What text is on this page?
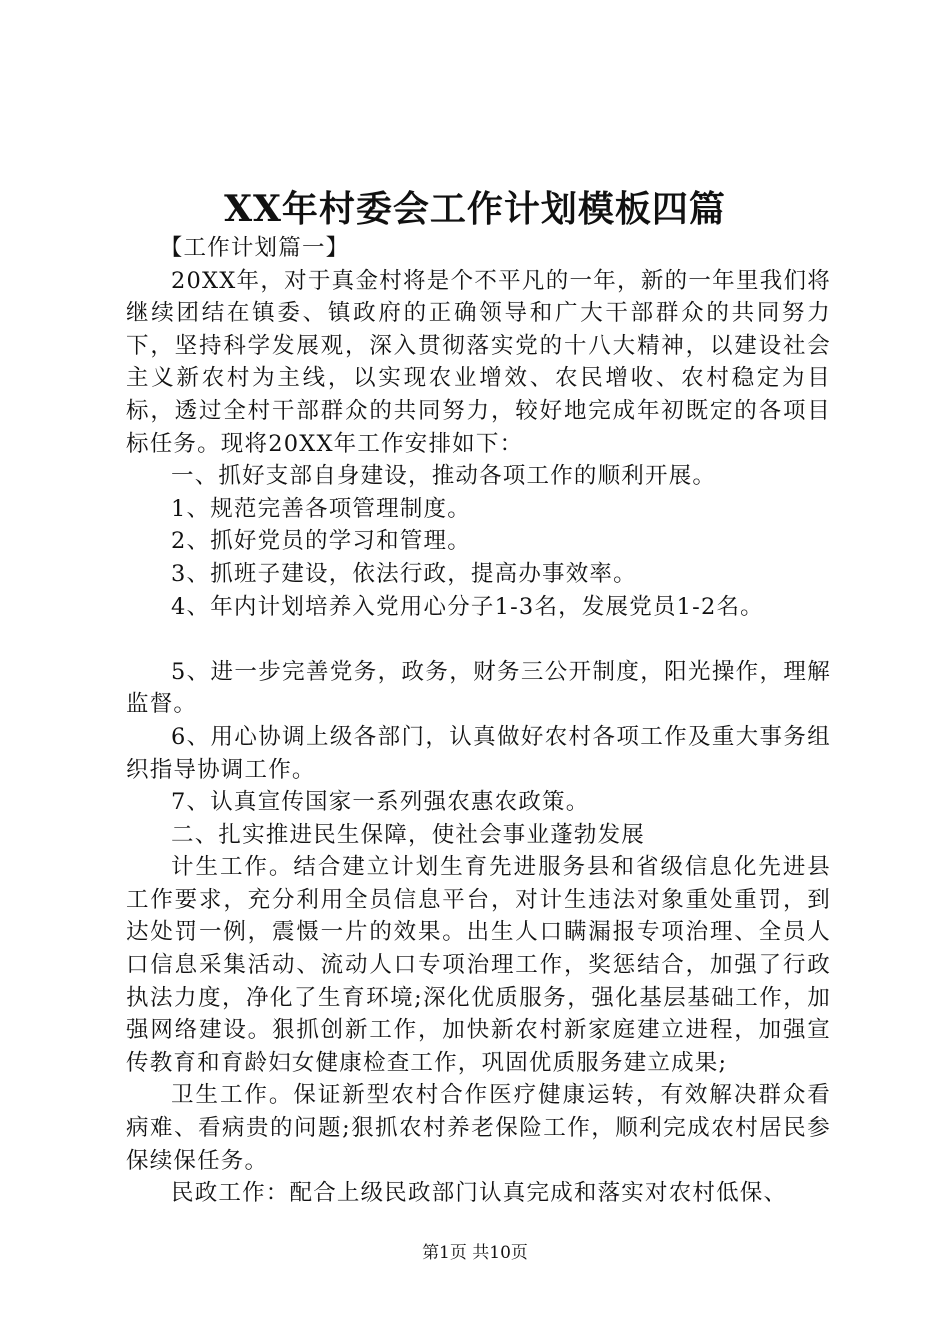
XX年村委会工作计划模板四篇

【工作计划篇一】

20XX年，对于真金村将是个不平凡的一年，新的一年里我们将继续团结在镇委、镇政府的正确领导和广大干部群众的共同努力下，坚持科学发展观，深入贯彻落实党的十八大精神，以建设社会主义新农村为主线，以实现农业增效、农民增收、农村稳定为目标，透过全村干部群众的共同努力，较好地完成年初既定的各项目标任务。现将20XX年工作安排如下：

一、抓好支部自身建设，推动各项工作的顺利开展。

1、规范完善各项管理制度。

2、抓好党员的学习和管理。

3、抓班子建设，依法行政，提高办事效率。

4、年内计划培养入党用心分子1-3名，发展党员1-2名。

5、进一步完善党务，政务，财务三公开制度，阳光操作，理解监督。

6、用心协调上级各部门，认真做好农村各项工作及重大事务组织指导协调工作。

7、认真宣传国家一系列强农惠农政策。

二、扎实推进民生保障，使社会事业蓬勃发展

计生工作。结合建立计划生育先进服务县和省级信息化先进县工作要求，充分利用全员信息平台，对计生违法对象重处重罚，到达处罚一例，震慑一片的效果。出生人口瞒漏报专项治理、全员人口信息采集活动、流动人口专项治理工作，奖惩结合，加强了行政执法力度，净化了生育环境;深化优质服务，强化基层基础工作，加强网络建设。狠抓创新工作，加快新农村新家庭建立进程，加强宣传教育和育龄妇女健康检查工作，巩固优质服务建立成果;

卫生工作。保证新型农村合作医疗健康运转，有效解决群众看病难、看病贵的问题;狠抓农村养老保险工作，顺利完成农村居民参保续保任务。

民政工作：配合上级民政部门认真完成和落实对农村低保、

第1页 共10页
